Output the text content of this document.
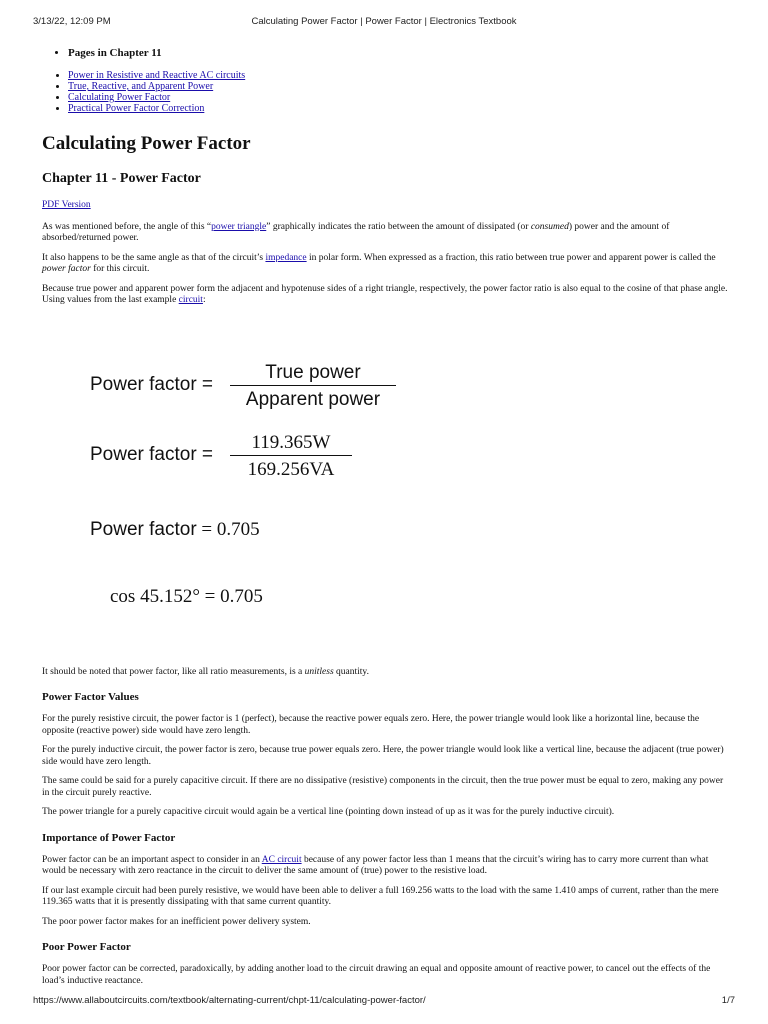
3/13/22, 12:09 PM	Calculating Power Factor | Power Factor | Electronics Textbook
• Pages in Chapter 11
• Power in Resistive and Reactive AC circuits
• True, Reactive, and Apparent Power
• Calculating Power Factor
• Practical Power Factor Correction
Calculating Power Factor
Chapter 11 - Power Factor

PDF Version

As was mentioned before, the angle of this “power triangle” graphically indicates the ratio between the amount of dissipated (or consumed) power and the amount of absorbed/returned power.

It also happens to be the same angle as that of the circuit’s impedance in polar form. When expressed as a fraction, this ratio between true power and apparent power is called the power factor for this circuit.

Because true power and apparent power form the adjacent and hypotenuse sides of a right triangle, respectively, the power factor ratio is also equal to the cosine of that phase angle. Using values from the last example circuit:

Power factor =
True power
Apparent power
Power factor = $\frac{119.365W}{169.256VA}$
Power factor = 0.705
cos 45.152° = 0.705

It should be noted that power factor, like all ratio measurements, is a unitless quantity.

Power Factor Values

For the purely resistive circuit, the power factor is 1 (perfect), because the reactive power equals zero. Here, the power triangle would look like a horizontal line, because the opposite (reactive power) side would have zero length.

For the purely inductive circuit, the power factor is zero, because true power equals zero. Here, the power triangle would look like a vertical line, because the adjacent (true power) side would have zero length.

The same could be said for a purely capacitive circuit. If there are no dissipative (resistive) components in the circuit, then the true power must be equal to zero, making any power in the circuit purely reactive.

The power triangle for a purely capacitive circuit would again be a vertical line (pointing down instead of up as it was for the purely inductive circuit).

Importance of Power Factor

Power factor can be an important aspect to consider in an AC circuit because of any power factor less than 1 means that the circuit’s wiring has to carry more current than what would be necessary with zero reactance in the circuit to deliver the same amount of (true) power to the resistive load.

If our last example circuit had been purely resistive, we would have been able to deliver a full 169.256 watts to the load with the same 1.410 amps of current, rather than the mere 119.365 watts that it is presently dissipating with that same current quantity.

The poor power factor makes for an inefficient power delivery system.

Poor Power Factor

Poor power factor can be corrected, paradoxically, by adding another load to the circuit drawing an equal and opposite amount of reactive power, to cancel out the effects of the load’s inductive reactance.

https://www.allaboutcircuits.com/textbook/alternating-current/chpt-11/calculating-power-factor/	1/7
